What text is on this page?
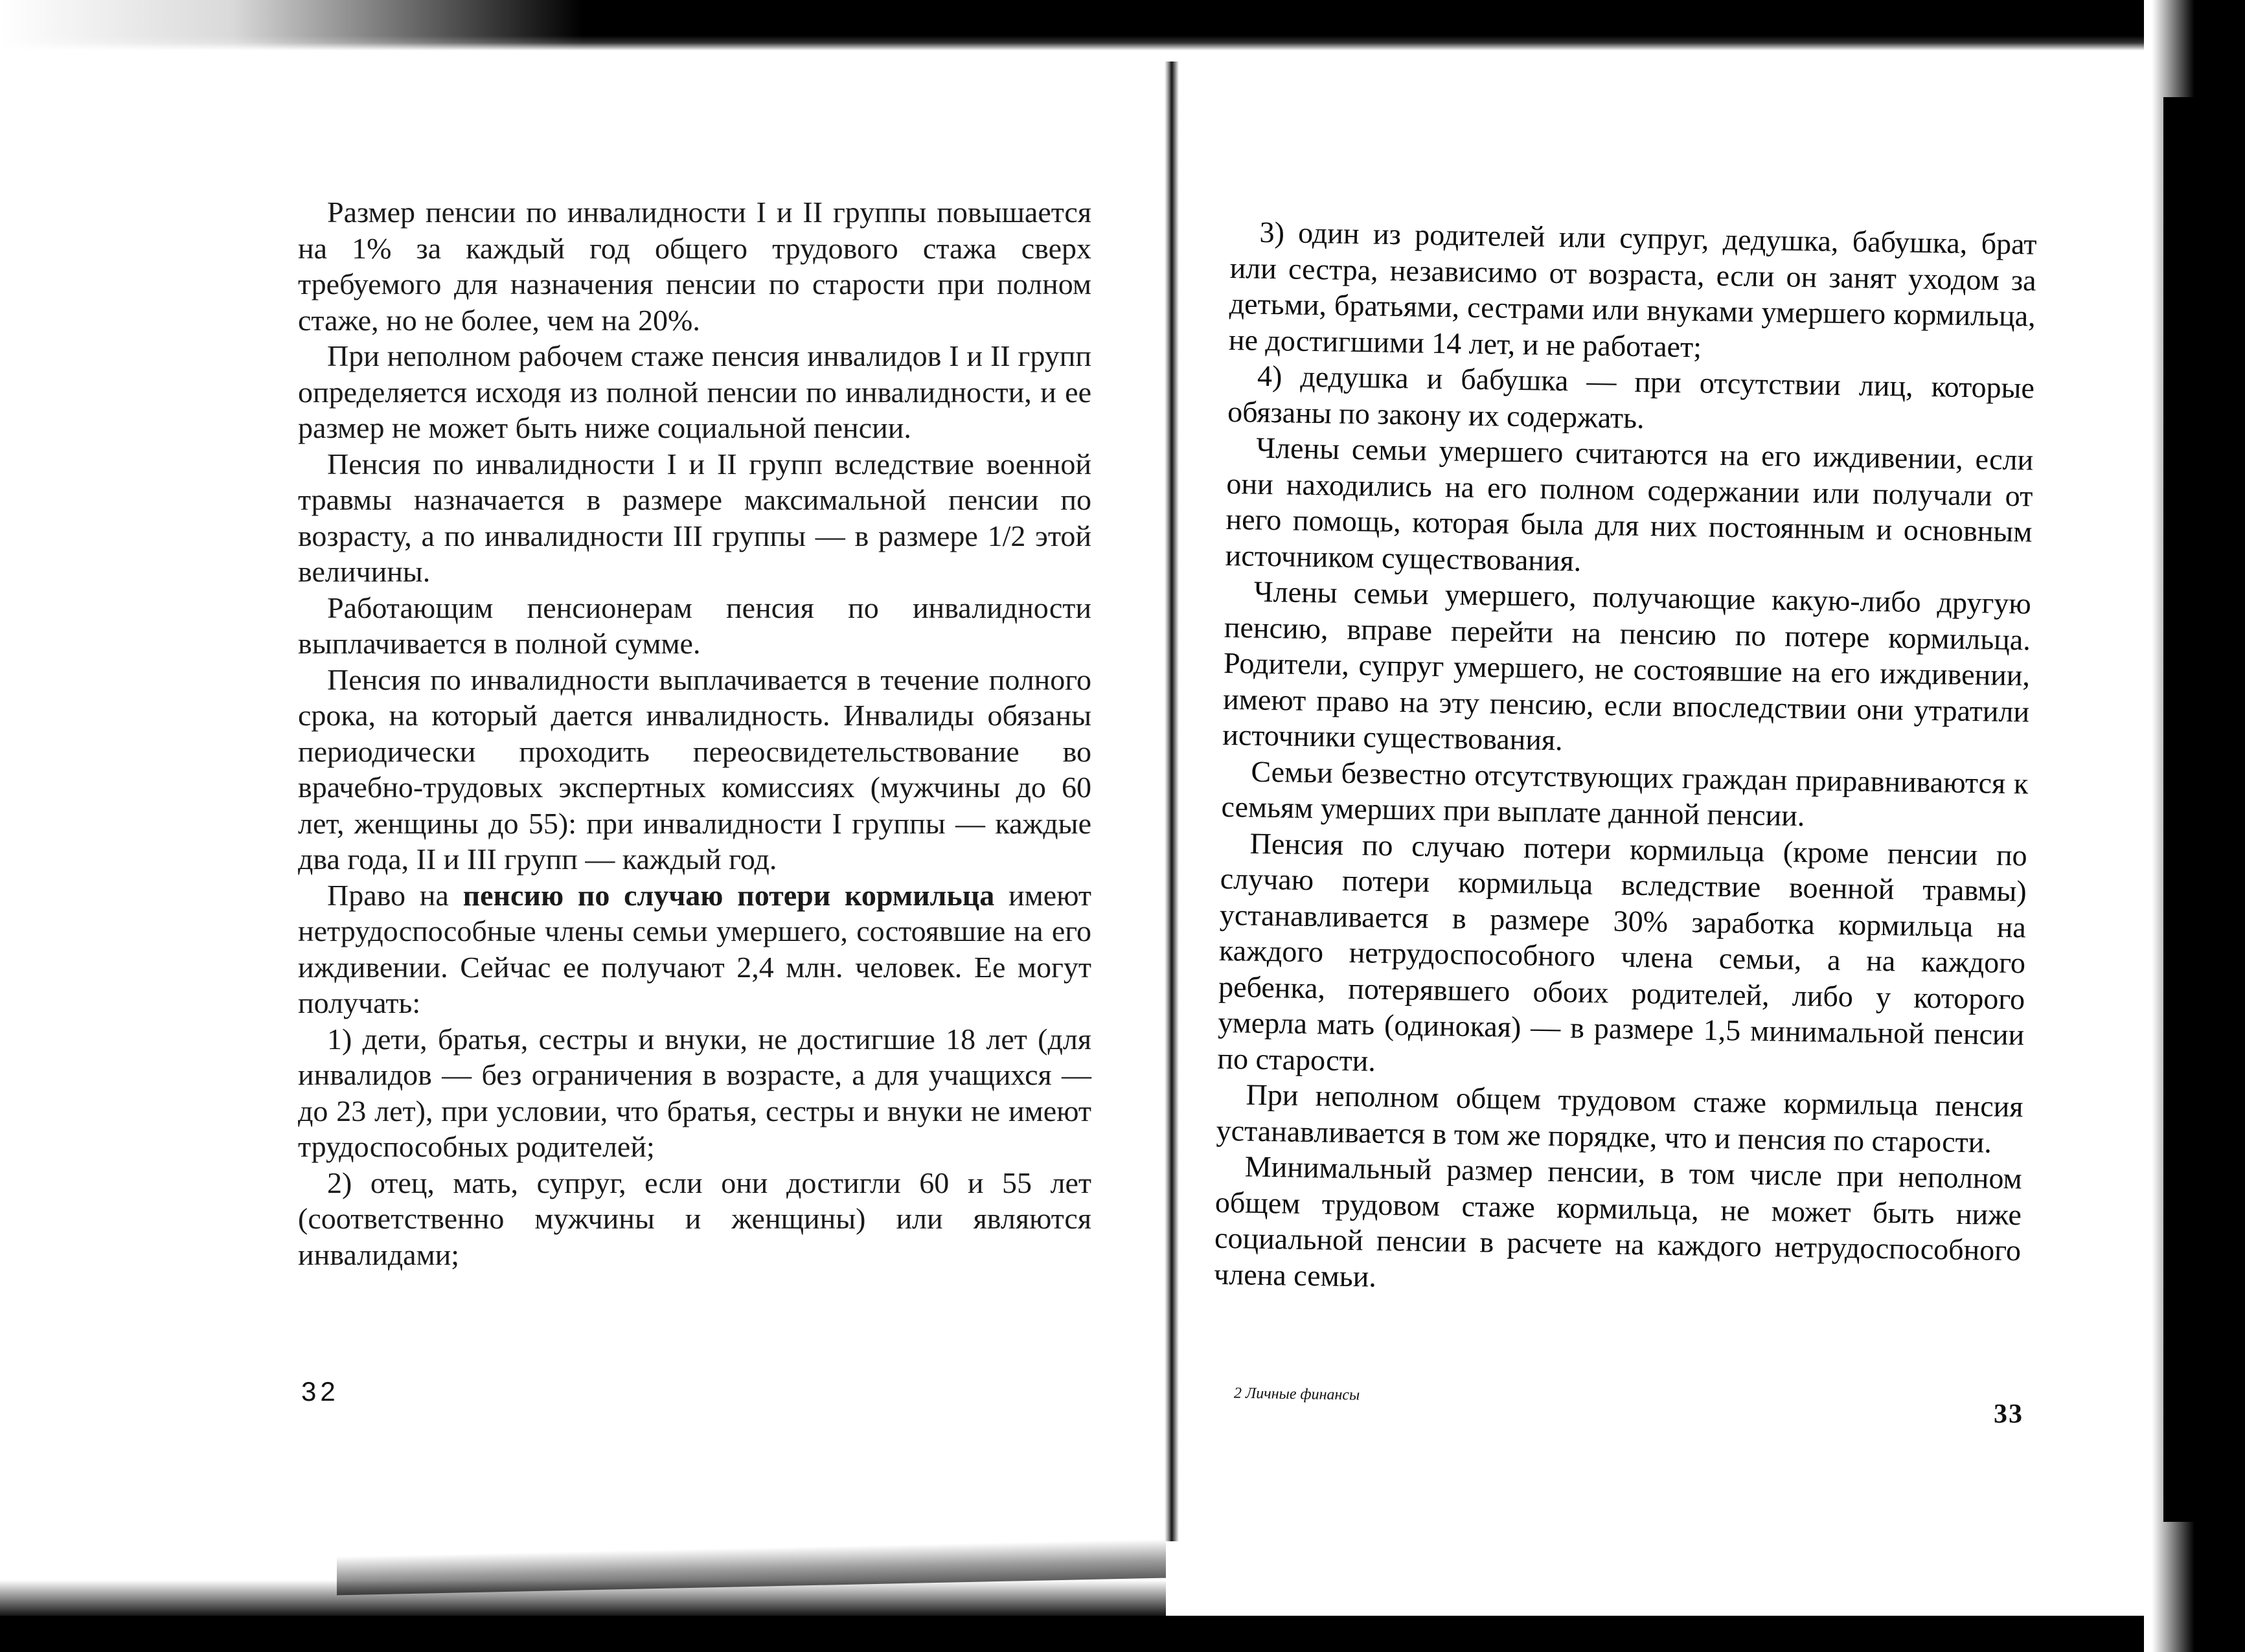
Размер пенсии по инвалидности I и II группы повышается на 1% за каждый год общего трудового стажа сверх требуемого для назначения пенсии по старости при полном стаже, но не более, чем на 20%.

При неполном рабочем стаже пенсия инвалидов I и II групп определяется исходя из полной пенсии по инвалидности, и ее размер не может быть ниже социальной пенсии.

Пенсия по инвалидности I и II групп вследствие военной травмы назначается в размере максимальной пенсии по возрасту, а по инвалидности III группы — в размере 1/2 этой величины.

Работающим пенсионерам пенсия по инвалидности выплачивается в полной сумме.

Пенсия по инвалидности выплачивается в течение полного срока, на который дается инвалидность. Инвалиды обязаны периодически проходить переосвидетельствование во врачебно-трудовых экспертных комиссиях (мужчины до 60 лет, женщины до 55): при инвалидности I группы — каждые два года, II и III групп — каждый год.

Право на пенсию по случаю потери кормильца имеют нетрудоспособные члены семьи умершего, состоявшие на его иждивении. Сейчас ее получают 2,4 млн. человек. Ее могут получать:

1) дети, братья, сестры и внуки, не достигшие 18 лет (для инвалидов — без ограничения в возрасте, а для учащихся — до 23 лет), при условии, что братья, сестры и внуки не имеют трудоспособных родителей;

2) отец, мать, супруг, если они достигли 60 и 55 лет (соответственно мужчины и женщины) или являются инвалидами;

32

3) один из родителей или супруг, дедушка, бабушка, брат или сестра, независимо от возраста, если он занят уходом за детьми, братьями, сестрами или внуками умершего кормильца, не достигшими 14 лет, и не работает;

4) дедушка и бабушка — при отсутствии лиц, которые обязаны по закону их содержать.

Члены семьи умершего считаются на его иждивении, если они находились на его полном содержании или получали от него помощь, которая была для них постоянным и основным источником существования.

Члены семьи умершего, получающие какую-либо другую пенсию, вправе перейти на пенсию по потере кормильца. Родители, супруг умершего, не состоявшие на его иждивении, имеют право на эту пенсию, если впоследствии они утратили источники существования.

Семьи безвестно отсутствующих граждан приравниваются к семьям умерших при выплате данной пенсии.

Пенсия по случаю потери кормильца (кроме пенсии по случаю потери кормильца вследствие военной травмы) устанавливается в размере 30% заработка кормильца на каждого нетрудоспособного члена семьи, а на каждого ребенка, потерявшего обоих родителей, либо у которого умерла мать (одинокая) — в размере 1,5 минимальной пенсии по старости.

При неполном общем трудовом стаже кормильца пенсия устанавливается в том же порядке, что и пенсия по старости.

Минимальный размер пенсии, в том числе при неполном общем трудовом стаже кормильца, не может быть ниже социальной пенсии в расчете на каждого нетрудоспособного члена семьи.

2 Личные финансы
33
